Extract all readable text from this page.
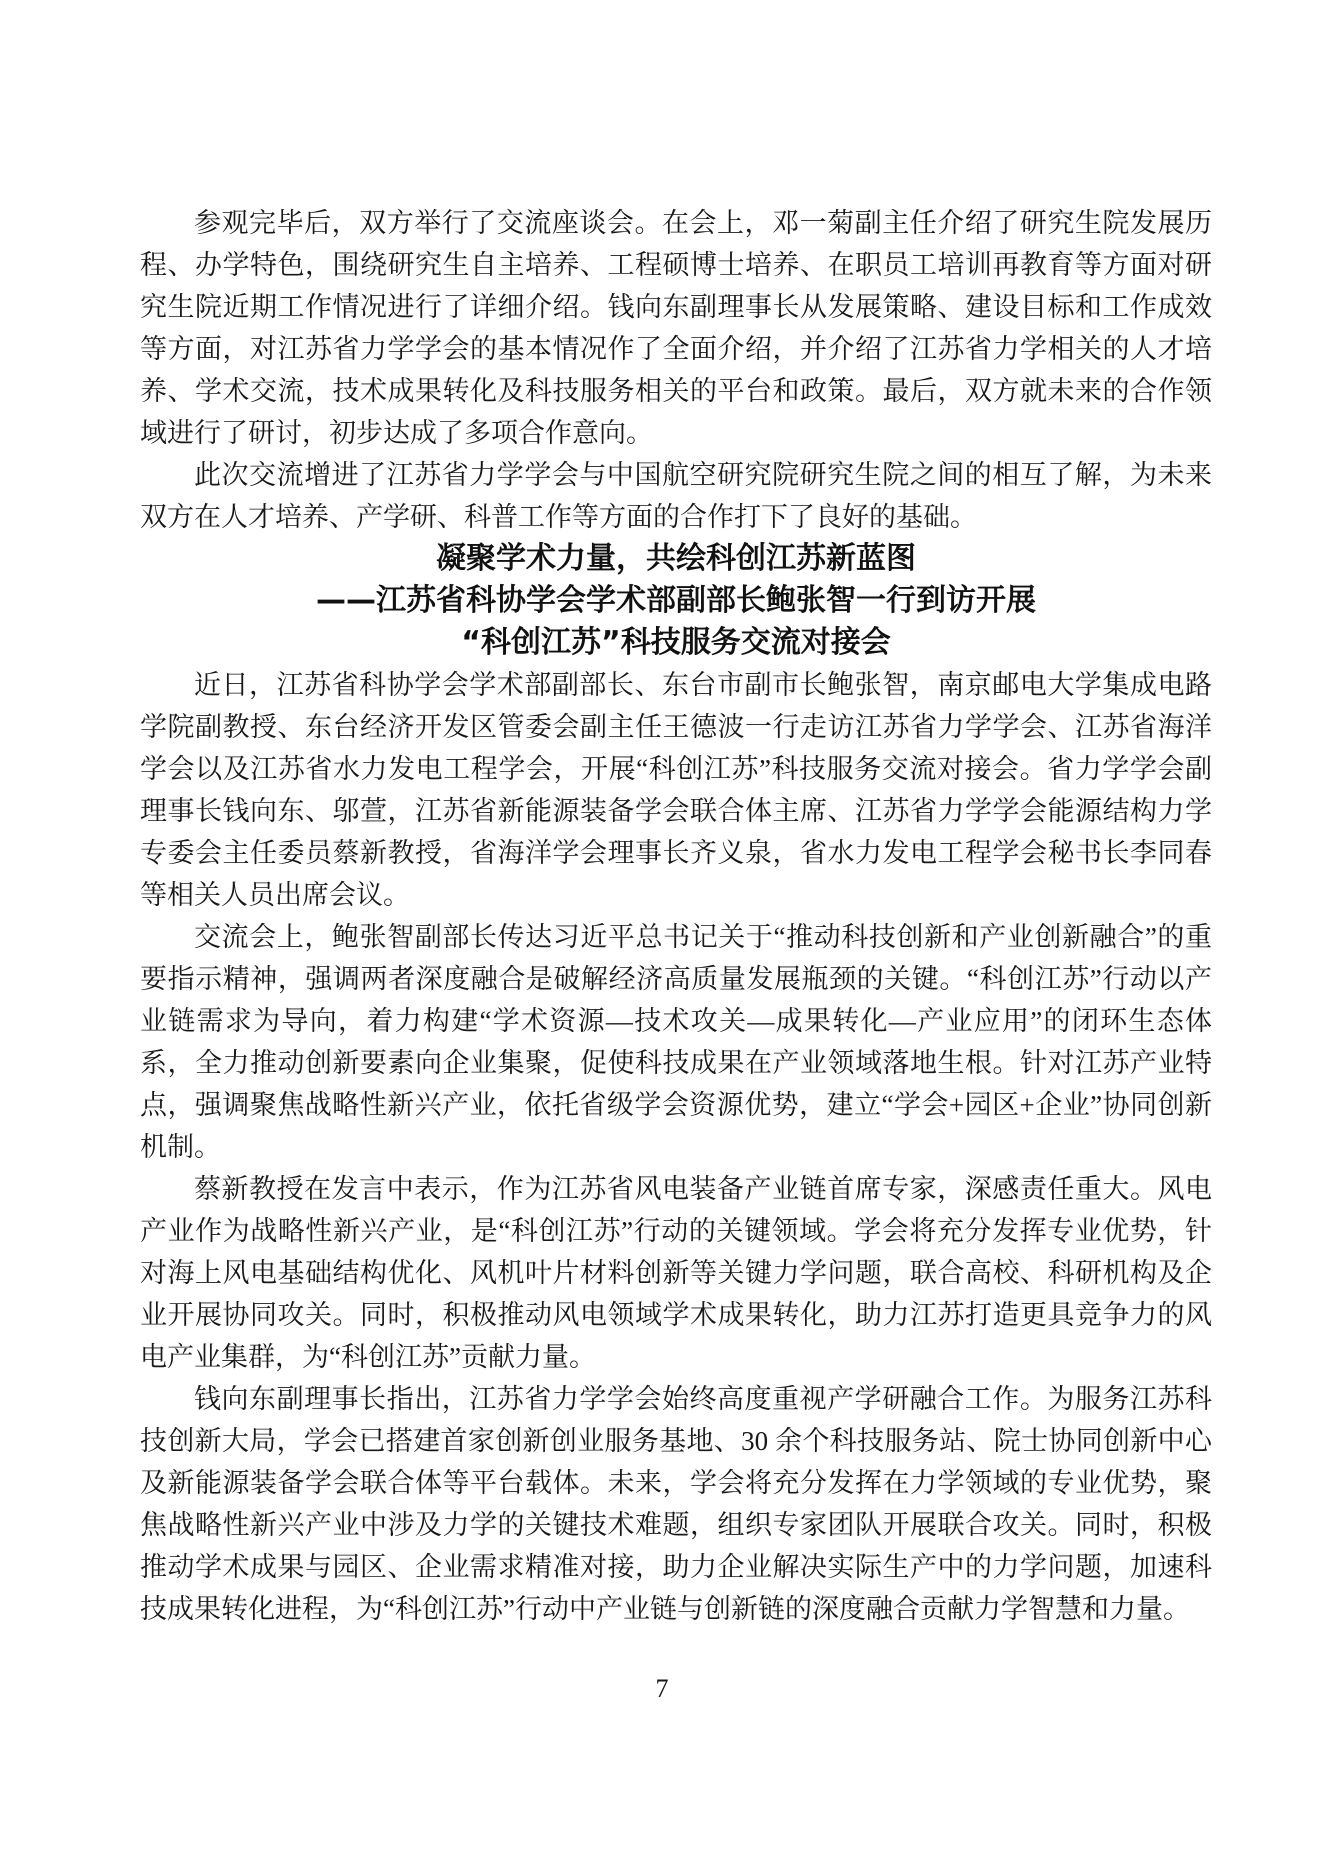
参观完毕后，双方举行了交流座谈会。在会上，邓一菊副主任介绍了研究生院发展历程、办学特色，围绕研究生自主培养、工程硕博士培养、在职员工培训再教育等方面对研究生院近期工作情况进行了详细介绍。钱向东副理事长从发展策略、建设目标和工作成效等方面，对江苏省力学学会的基本情况作了全面介绍，并介绍了江苏省力学相关的人才培养、学术交流，技术成果转化及科技服务相关的平台和政策。最后，双方就未来的合作领域进行了研讨，初步达成了多项合作意向。

此次交流增进了江苏省力学学会与中国航空研究院研究生院之间的相互了解，为未来双方在人才培养、产学研、科普工作等方面的合作打下了良好的基础。

凝聚学术力量，共绘科创江苏新蓝图
——江苏省科协学会学术部副部长鲍张智一行到访开展
“科创江苏”科技服务交流对接会

近日，江苏省科协学会学术部副部长、东台市副市长鲍张智，南京邮电大学集成电路学院副教授、东台经济开发区管委会副主任王德波一行走访江苏省力学学会、江苏省海洋学会以及江苏省水力发电工程学会，开展“科创江苏”科技服务交流对接会。省力学学会副理事长钱向东、邬萱，江苏省新能源装备学会联合体主席、江苏省力学学会能源结构力学专委会主任委员蔡新教授，省海洋学会理事长齐义泉，省水力发电工程学会秘书长李同春等相关人员出席会议。

交流会上，鲍张智副部长传达习近平总书记关于“推动科技创新和产业创新融合”的重要指示精神，强调两者深度融合是破解经济高质量发展瓶颈的关键。“科创江苏”行动以产业链需求为导向，着力构建“学术资源—技术攻关—成果转化—产业应用”的闭环生态体系，全力推动创新要素向企业集聚，促使科技成果在产业领域落地生根。针对江苏产业特点，强调聚焦战略性新兴产业，依托省级学会资源优势，建立“学会+园区+企业”协同创新机制。

蔡新教授在发言中表示，作为江苏省风电装备产业链首席专家，深感责任重大。风电产业作为战略性新兴产业，是“科创江苏”行动的关键领域。学会将充分发挥专业优势，针对海上风电基础结构优化、风机叶片材料创新等关键力学问题，联合高校、科研机构及企业开展协同攻关。同时，积极推动风电领域学术成果转化，助力江苏打造更具竞争力的风电产业集群，为“科创江苏”贡献力量。

钱向东副理事长指出，江苏省力学学会始终高度重视产学研融合工作。为服务江苏科技创新大局，学会已搭建首家创新创业服务基地、30 余个科技服务站、院士协同创新中心及新能源装备学会联合体等平台载体。未来，学会将充分发挥在力学领域的专业优势，聚焦战略性新兴产业中涉及力学的关键技术难题，组织专家团队开展联合攻关。同时，积极推动学术成果与园区、企业需求精准对接，助力企业解决实际生产中的力学问题，加速科技成果转化进程，为“科创江苏”行动中产业链与创新链的深度融合贡献力学智慧和力量。

7
